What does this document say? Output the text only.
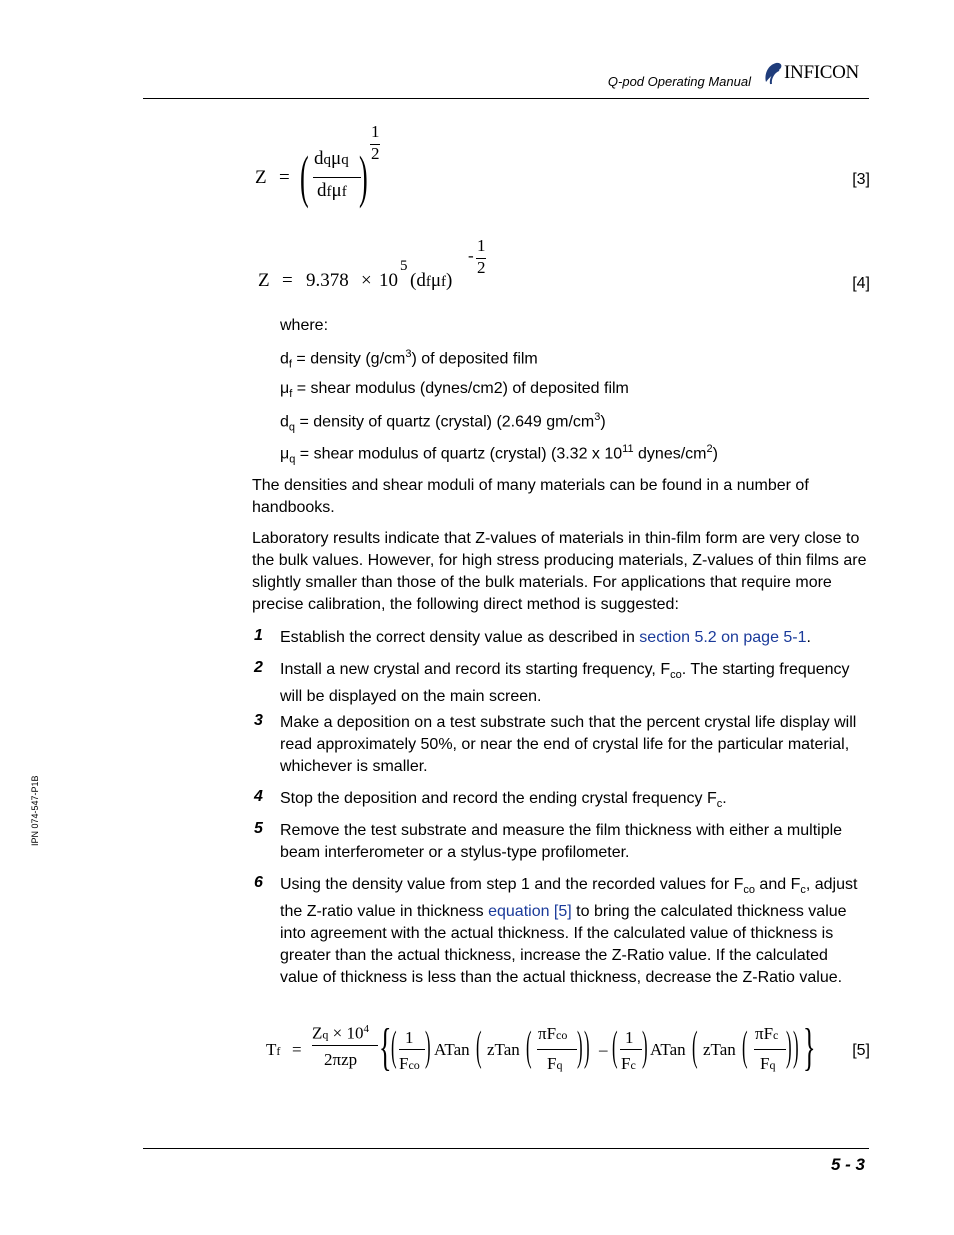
Q-pod Operating Manual INFICON
IPN 074-547-P1B
Z = ( dqμq
dfμf )
1
2
[3]
Z = 9.378 × 10
5
(dfμf)
-
1
2
[4]
where:
$d_f$ = density $(g/cm^3)$ of deposited film
$\mu_f$ = shear modulus (dynes/cm2) of deposited film
$d_q$ = density of quartz (crystal) (2.649 $gm/cm^3$)
$\mu_q$ = shear modulus of quartz (crystal) (3.32 x $10^{11}$ dynes/$cm^2$)
The densities and shear moduli of many materials can be found in a number of handbooks.
Laboratory results indicate that Z-values of materials in thin-film form are very close to the bulk values. However, for high stress producing materials, Z-values of thin films are slightly smaller than those of the bulk materials. For applications that require more precise calibration, the following direct method is suggested:
1 Establish the correct density value as described in section 5.2 on page 5-1.
2 Install a new crystal and record its starting frequency, $F_{co}$. The starting frequency will be displayed on the main screen.
3 Make a deposition on a test substrate such that the percent crystal life display will read approximately 50%, or near the end of crystal life for the particular material, whichever is smaller.
4 Stop the deposition and record the ending crystal frequency $F_c$.
5 Remove the test substrate and measure the film thickness with either a multiple beam interferometer or a stylus-type profilometer.
6 Using the density value from step 1 and the recorded values for $F_{co}$ and $F_c$, adjust the Z-ratio value in thickness equation [5] to bring the calculated thickness value into agreement with the actual thickness. If the calculated value of thickness is greater than the actual thickness, increase the Z-Ratio value. If the calculated value of thickness is less than the actual thickness, decrease the Z-Ratio value.
Tf =
$Zq \times 10^4$
2πzp { ( 1
Fco ) ATan ( zTan ( πFco
Fq ) ) – ( 1
Fc ) ATan ( zTan ( πFc
Fq ) ) } [5]
5 - 3
